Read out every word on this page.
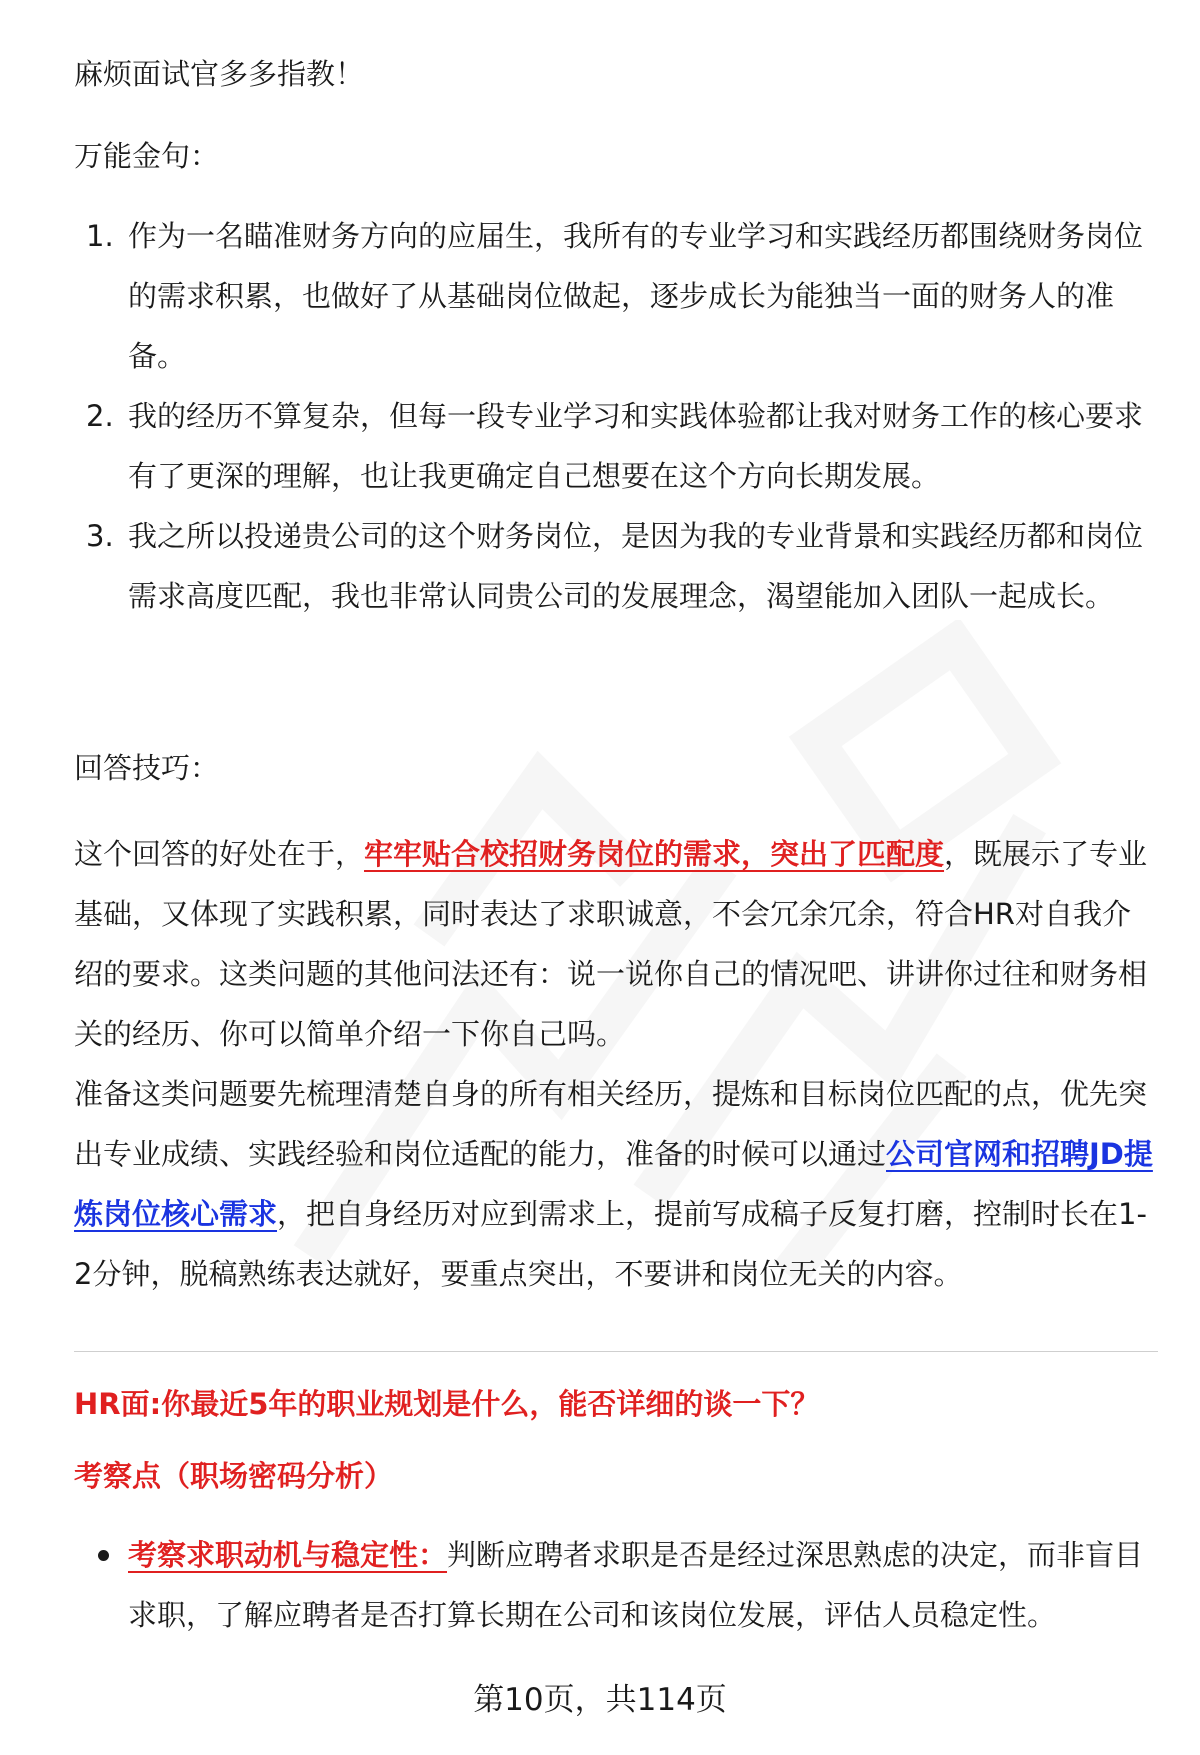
麻烦面试官多多指教！

万能金句：

1. 作为一名瞄准财务方向的应届生，我所有的专业学习和实践经历都围绕财务岗位的需求积累，也做好了从基础岗位做起，逐步成长为能独当一面的财务人的准备。
2. 我的经历不算复杂，但每一段专业学习和实践体验都让我对财务工作的核心要求有了更深的理解，也让我更确定自己想要在这个方向长期发展。
3. 我之所以投递贵公司的这个财务岗位，是因为我的专业背景和实践经历都和岗位需求高度匹配，我也非常认同贵公司的发展理念，渴望能加入团队一起成长。

回答技巧：

这个回答的好处在于，牢牢贴合校招财务岗位的需求，突出了匹配度，既展示了专业基础，又体现了实践积累，同时表达了求职诚意，不会冗余冗余，符合HR对自我介绍的要求。这类问题的其他问法还有：说一说你自己的情况吧、讲讲你过往和财务相关的经历、你可以简单介绍一下你自己吗。

准备这类问题要先梳理清楚自身的所有相关经历，提炼和目标岗位匹配的点，优先突出专业成绩、实践经验和岗位适配的能力，准备的时候可以通过公司官网和招聘JD提炼岗位核心需求，把自身经历对应到需求上，提前写成稿子反复打磨，控制时长在1-2分钟，脱稿熟练表达就好，要重点突出，不要讲和岗位无关的内容。

HR面:你最近5年的职业规划是什么，能否详细的谈一下？

考察点（职场密码分析）

考察求职动机与稳定性：判断应聘者求职是否是经过深思熟虑的决定，而非盲目求职，了解应聘者是否打算长期在公司和该岗位发展，评估人员稳定性。
第10页，共114页
